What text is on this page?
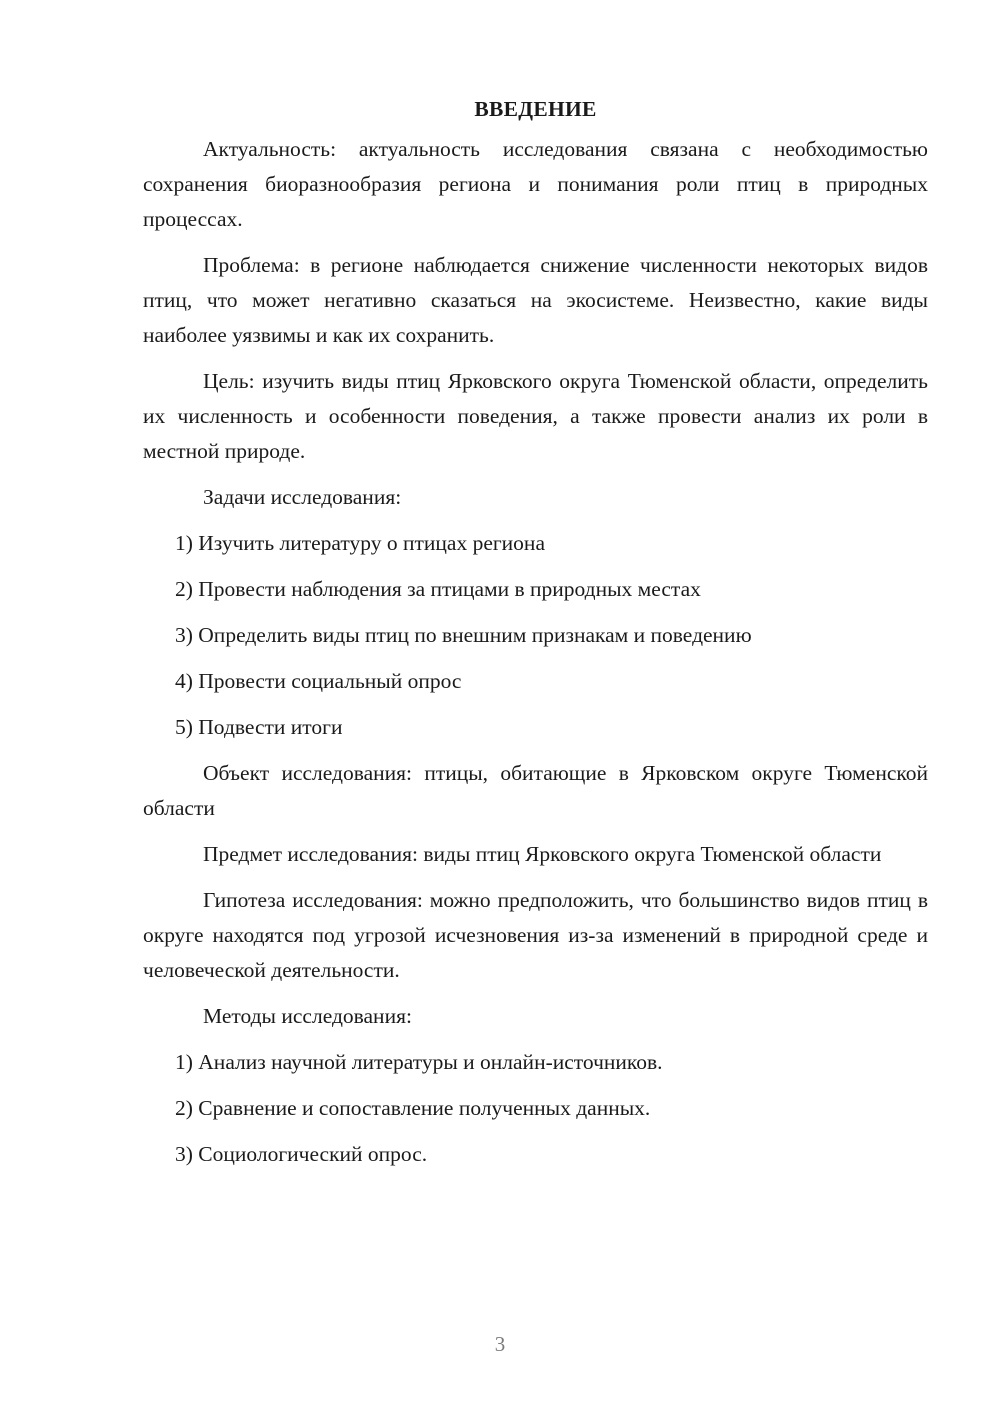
ВВЕДЕНИЕ

Актуальность: актуальность исследования связана с необходимостью сохранения биоразнообразия региона и понимания роли птиц в природных процессах.

Проблема: в регионе наблюдается снижение численности некоторых видов птиц, что может негативно сказаться на экосистеме. Неизвестно, какие виды наиболее уязвимы и как их сохранить.

Цель: изучить виды птиц Ярковского округа Тюменской области, определить их численность и особенности поведения, а также провести анализ их роли в местной природе.

Задачи исследования:
1) Изучить литературу о птицах региона
2) Провести наблюдения за птицами в природных местах
3) Определить виды птиц по внешним признакам и поведению
4) Провести социальный опрос
5) Подвести итоги

Объект исследования: птицы, обитающие в Ярковском округе Тюменской области

Предмет исследования: виды птиц Ярковского округа Тюменской области

Гипотеза исследования: можно предположить, что большинство видов птиц в округе находятся под угрозой исчезновения из-за изменений в природной среде и человеческой деятельности.

Методы исследования:
1) Анализ научной литературы и онлайн-источников.
2) Сравнение и сопоставление полученных данных.
3) Социологический опрос.
3
